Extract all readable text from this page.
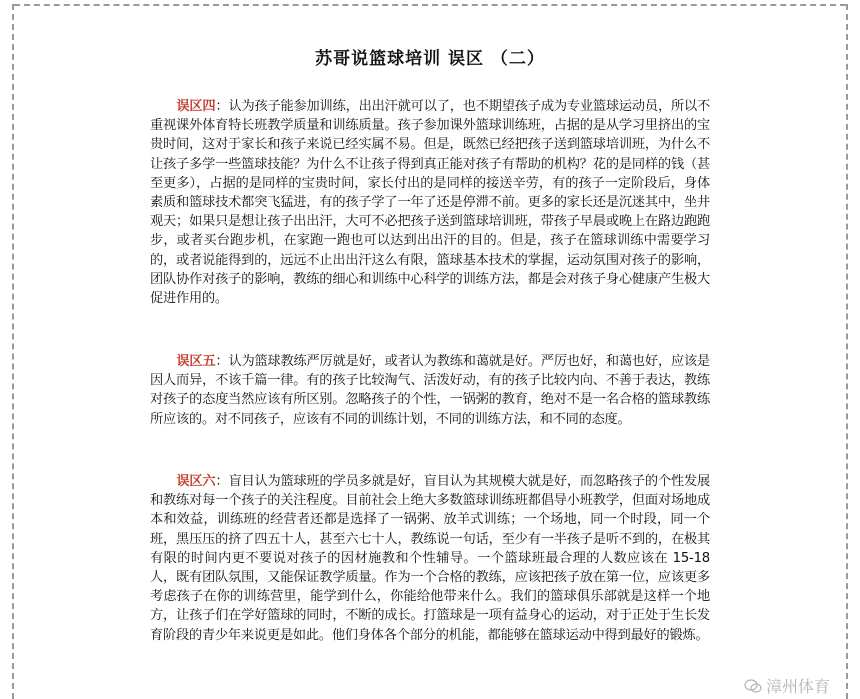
苏哥说篮球培训 误区 （二）
误区四：认为孩子能参加训练，出出汗就可以了，也不期望孩子成为专业篮球运动员，所以不重视课外体育特长班教学质量和训练质量。孩子参加课外篮球训练班，占据的是从学习里挤出的宝贵时间，这对于家长和孩子来说已经实属不易。但是，既然已经把孩子送到篮球培训班，为什么不让孩子多学一些篮球技能？为什么不让孩子得到真正能对孩子有帮助的机构？花的是同样的钱（甚至更多），占据的是同样的宝贵时间，家长付出的是同样的接送辛劳，有的孩子一定阶段后，身体素质和篮球技术都突飞猛进，有的孩子学了一年了还是停滞不前。更多的家长还是沉迷其中，坐井观天；如果只是想让孩子出出汗，大可不必把孩子送到篮球培训班，带孩子早晨或晚上在路边跑跑步，或者买台跑步机，在家跑一跑也可以达到出出汗的目的。但是，孩子在篮球训练中需要学习的，或者说能得到的，远远不止出出汗这么有限，篮球基本技术的掌握，运动氛围对孩子的影响，团队协作对孩子的影响，教练的细心和训练中心科学的训练方法，都是会对孩子身心健康产生极大促进作用的。
误区五：认为篮球教练严厉就是好，或者认为教练和蔼就是好。严厉也好，和蔼也好，应该是因人而异，不该千篇一律。有的孩子比较淘气、活泼好动，有的孩子比较内向、不善于表达，教练对孩子的态度当然应该有所区别。忽略孩子的个性，一锅粥的教育，绝对不是一名合格的篮球教练所应该的。对不同孩子，应该有不同的训练计划，不同的训练方法，和不同的态度。
误区六：盲目认为篮球班的学员多就是好，盲目认为其规模大就是好，而忽略孩子的个性发展和教练对每一个孩子的关注程度。目前社会上绝大多数篮球训练班都倡导小班教学，但面对场地成本和效益，训练班的经营者还都是选择了一锅粥、放羊式训练；一个场地，同一个时段，同一个班，黑压压的挤了四五十人，甚至六七十人，教练说一句话，至少有一半孩子是听不到的，在极其有限的时间内更不要说对孩子的因材施教和个性辅导。一个篮球班最合理的人数应该在 15-18 人，既有团队氛围，又能保证教学质量。作为一个合格的教练，应该把孩子放在第一位，应该更多考虑孩子在你的训练营里，能学到什么，你能给他带来什么。我们的篮球俱乐部就是这样一个地方，让孩子们在学好篮球的同时，不断的成长。打篮球是一项有益身心的运动，对于正处于生长发育阶段的青少年来说更是如此。他们身体各个部分的机能，都能够在篮球运动中得到最好的锻炼。
漳州体育
